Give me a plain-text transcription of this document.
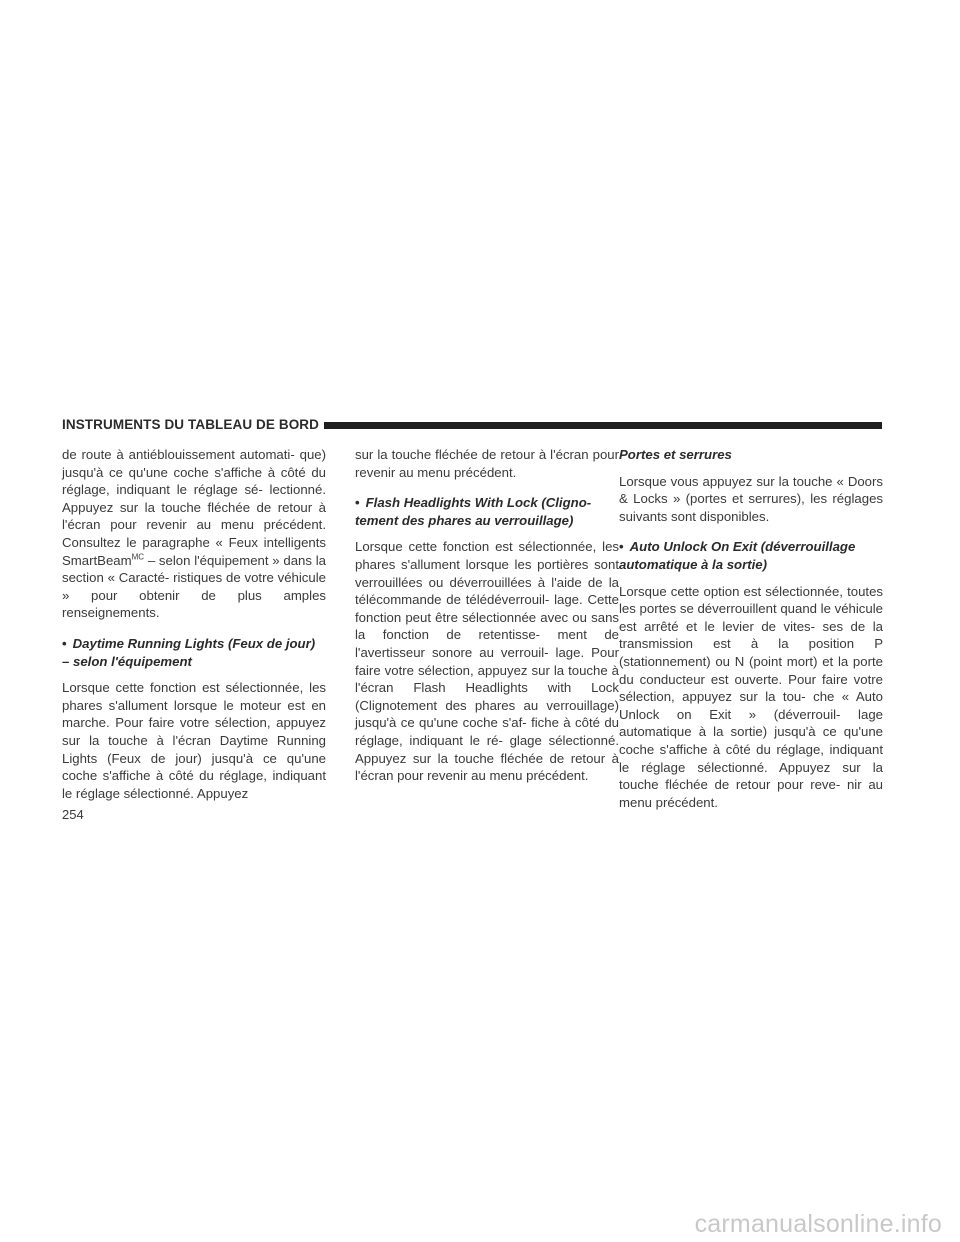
INSTRUMENTS DU TABLEAU DE BORD

de route à antiéblouissement automati- que) jusqu'à ce qu'une coche s'affiche à côté du réglage, indiquant le réglage sé- lectionné. Appuyez sur la touche fléchée de retour à l'écran pour revenir au menu précédent. Consultez le paragraphe « Feux intelligents SmartBeam$^{MC}$ – selon l'équipement » dans la section « Caracté- ristiques de votre véhicule » pour obtenir de plus amples renseignements.

• Daytime Running Lights (Feux de jour) – selon l'équipement

Lorsque cette fonction est sélectionnée, les phares s'allument lorsque le moteur est en marche. Pour faire votre sélection, appuyez sur la touche à l'écran Daytime Running Lights (Feux de jour) jusqu'à ce qu'une coche s'affiche à côté du réglage, indiquant le réglage sélectionné. Appuyez

sur la touche fléchée de retour à l'écran pour revenir au menu précédent.

• Flash Headlights With Lock (Cligno- tement des phares au verrouillage)

Lorsque cette fonction est sélectionnée, les phares s'allument lorsque les portières sont verrouillées ou déverrouillées à l'aide de la télécommande de télédéverrouil- lage. Cette fonction peut être sélectionnée avec ou sans la fonction de retentisse- ment de l'avertisseur sonore au verrouil- lage. Pour faire votre sélection, appuyez sur la touche à l'écran Flash Headlights with Lock (Clignotement des phares au verrouillage) jusqu'à ce qu'une coche s'af- fiche à côté du réglage, indiquant le ré- glage sélectionné. Appuyez sur la touche fléchée de retour à l'écran pour revenir au menu précédent.

Portes et serrures

Lorsque vous appuyez sur la touche « Doors & Locks » (portes et serrures), les réglages suivants sont disponibles.

• Auto Unlock On Exit (déverrouillage automatique à la sortie)

Lorsque cette option est sélectionnée, toutes les portes se déverrouillent quand le véhicule est arrêté et le levier de vites- ses de la transmission est à la position P (stationnement) ou N (point mort) et la porte du conducteur est ouverte. Pour faire votre sélection, appuyez sur la tou- che « Auto Unlock on Exit » (déverrouil- lage automatique à la sortie) jusqu'à ce qu'une coche s'affiche à côté du réglage, indiquant le réglage sélectionné. Appuyez sur la touche fléchée de retour pour reve- nir au menu précédent.

254
carmanualsonline.info
